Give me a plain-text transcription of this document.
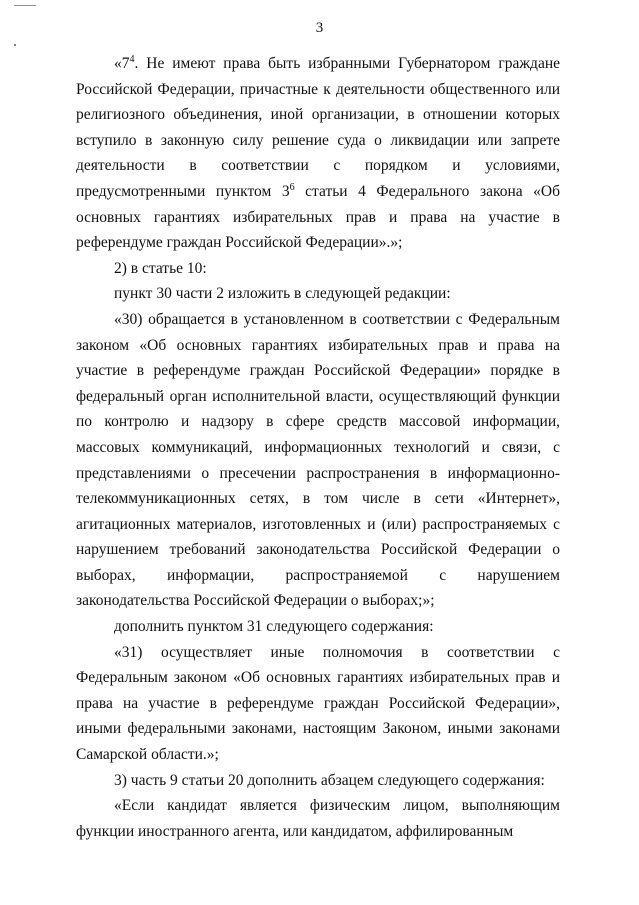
3

«$7^4$. Не имеют права быть избранными Губернатором граждане Российской Федерации, причастные к деятельности общественного или религиозного объединения, иной организации, в отношении которых вступило в законную силу решение суда о ликвидации или запрете деятельности в соответствии с порядком и условиями, предусмотренными пунктом $3^6$ статьи 4 Федерального закона «Об основных гарантиях избирательных прав и права на участие в референдуме граждан Российской Федерации».»;

2) в статье 10:

пункт 30 части 2 изложить в следующей редакции:

«30) обращается в установленном в соответствии с Федеральным законом «Об основных гарантиях избирательных прав и права на участие в референдуме граждан Российской Федерации» порядке в федеральный орган исполнительной власти, осуществляющий функции по контролю и надзору в сфере средств массовой информации, массовых коммуникаций, информационных технологий и связи, с представлениями о пресечении распространения в информационно-телекоммуникационных сетях, в том числе в сети «Интернет», агитационных материалов, изготовленных и (или) распространяемых с нарушением требований законодательства Российской Федерации о выборах, информации, распространяемой с нарушением законодательства Российской Федерации о выборах;»;

дополнить пунктом 31 следующего содержания:

«31) осуществляет иные полномочия в соответствии с Федеральным законом «Об основных гарантиях избирательных прав и права на участие в референдуме граждан Российской Федерации», иными федеральными законами, настоящим Законом, иными законами Самарской области.»;

3) часть 9 статьи 20 дополнить абзацем следующего содержания:

«Если кандидат является физическим лицом, выполняющим функции иностранного агента, или кандидатом, аффилированным
